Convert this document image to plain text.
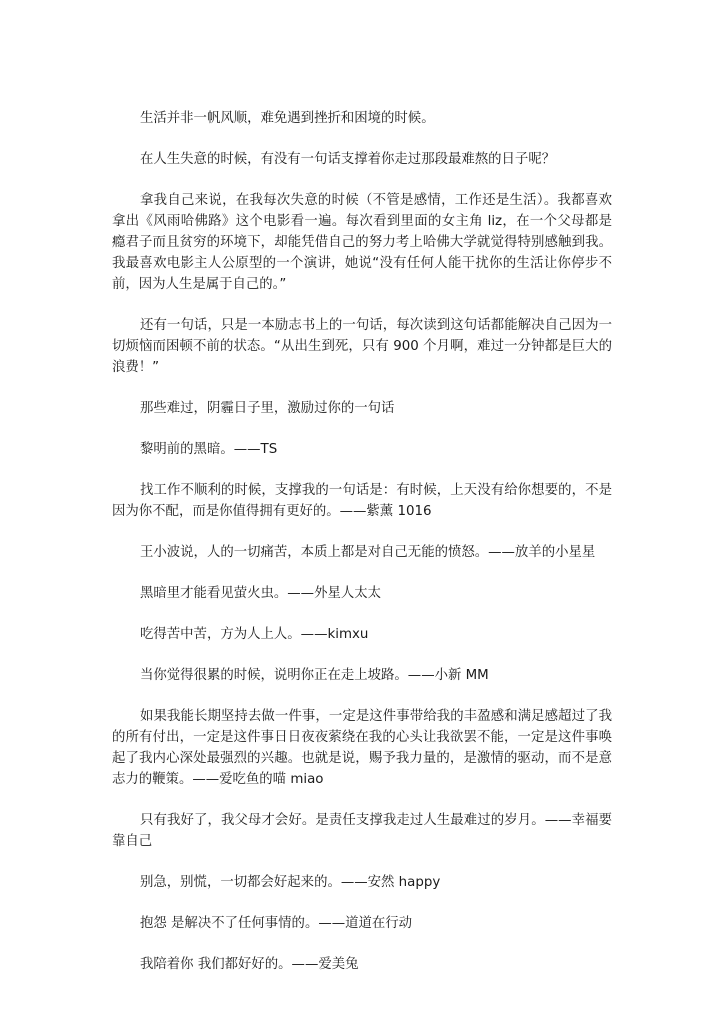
生活并非一帆风顺，难免遇到挫折和困境的时候。

在人生失意的时候，有没有一句话支撑着你走过那段最难熬的日子呢？

拿我自己来说，在我每次失意的时候（不管是感情，工作还是生活）。我都喜欢拿出《风雨哈佛路》这个电影看一遍。每次看到里面的女主角 liz，在一个父母都是瘾君子而且贫穷的环境下，却能凭借自己的努力考上哈佛大学就觉得特别感触到我。我最喜欢电影主人公原型的一个演讲，她说“没有任何人能干扰你的生活让你停步不前，因为人生是属于自己的。”

还有一句话，只是一本励志书上的一句话，每次读到这句话都能解决自己因为一切烦恼而困顿不前的状态。“从出生到死，只有 900 个月啊，难过一分钟都是巨大的浪费！”

那些难过，阴霾日子里，激励过你的一句话

黎明前的黑暗。——TS

找工作不顺利的时候，支撑我的一句话是：有时候，上天没有给你想要的，不是因为你不配，而是你值得拥有更好的。——紫薰 1016

王小波说，人的一切痛苦，本质上都是对自己无能的愤怒。——放羊的小星星

黑暗里才能看见萤火虫。——外星人太太

吃得苦中苦，方为人上人。——kimxu

当你觉得很累的时候，说明你正在走上坡路。——小新 MM

如果我能长期坚持去做一件事，一定是这件事带给我的丰盈感和满足感超过了我的所有付出，一定是这件事日日夜夜萦绕在我的心头让我欲罢不能，一定是这件事唤起了我内心深处最强烈的兴趣。也就是说，赐予我力量的，是激情的驱动，而不是意志力的鞭策。——爱吃鱼的喵 miao

只有我好了，我父母才会好。是责任支撑我走过人生最难过的岁月。——幸福要靠自己

别急，别慌，一切都会好起来的。——安然 happy

抱怨 是解决不了任何事情的。——道道在行动

我陪着你 我们都好好的。——爱美兔
